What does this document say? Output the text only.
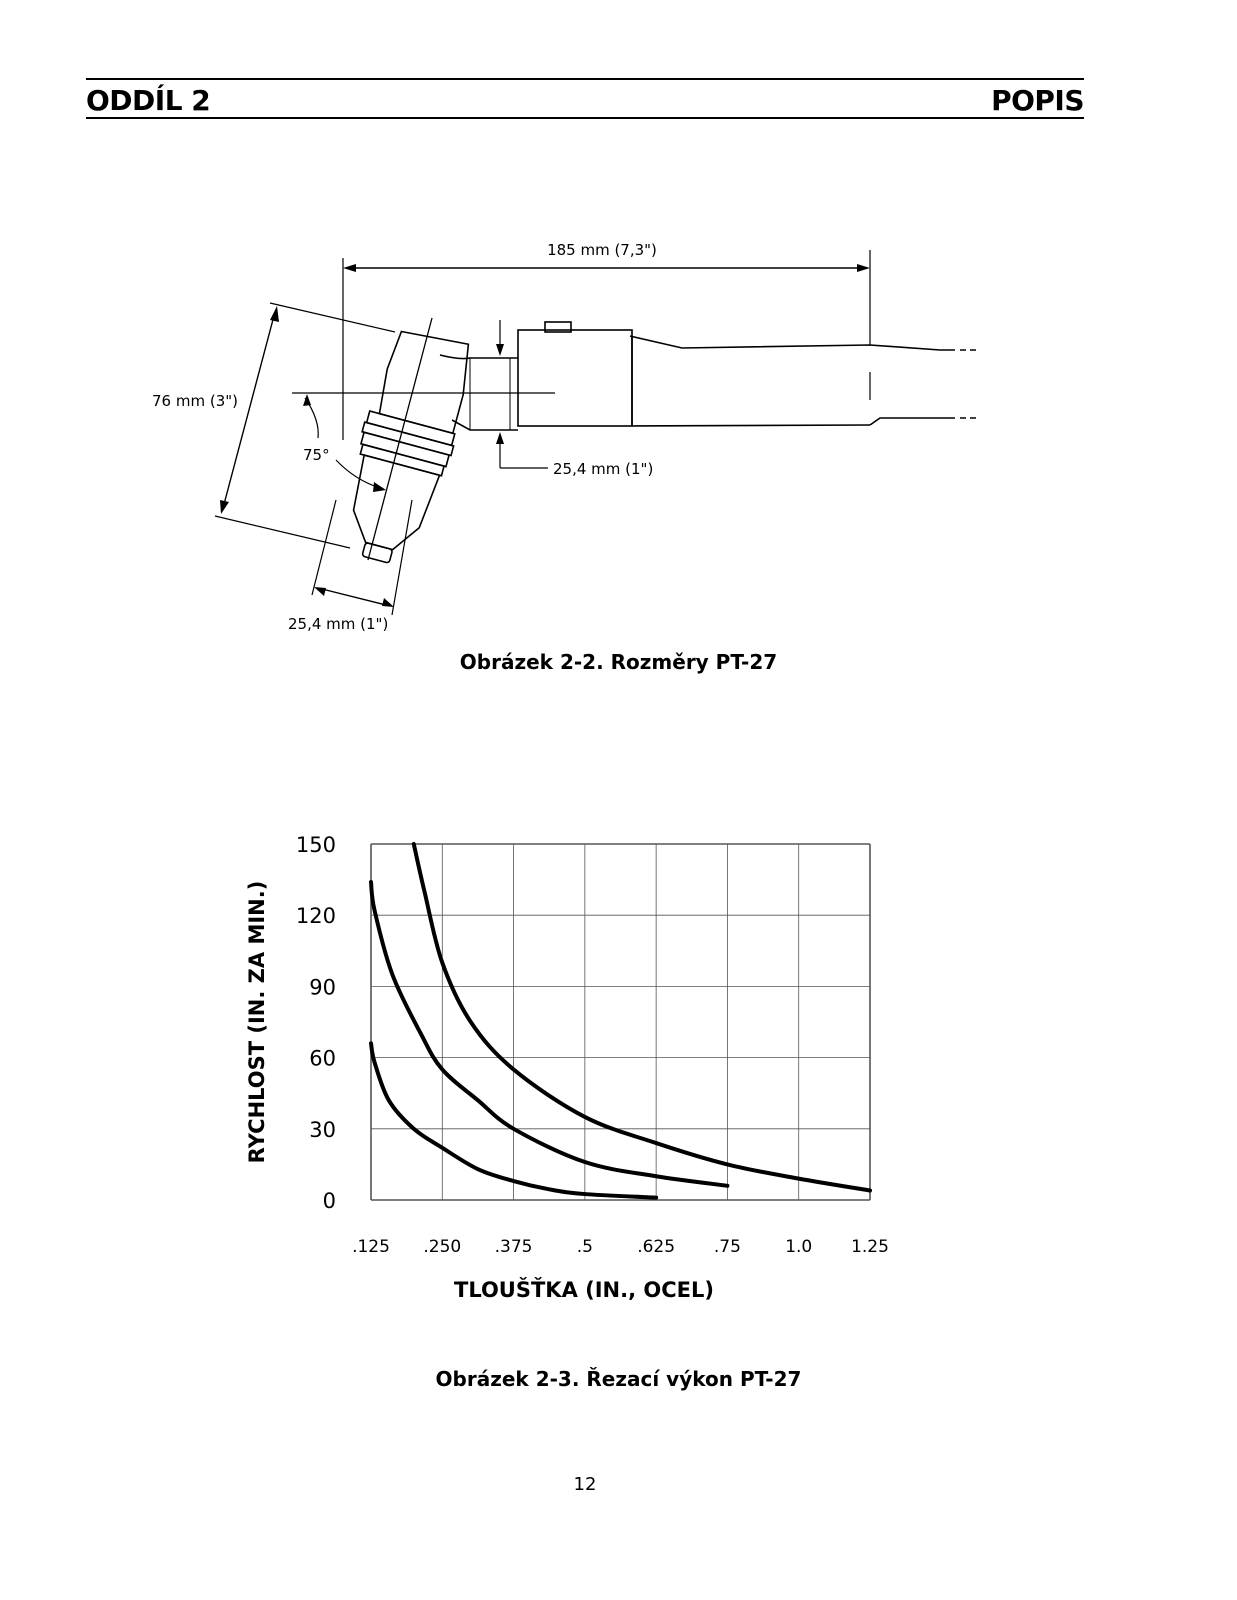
ODDÍL 2	POPIS
185 mm (7,3")
76 mm (3")
75°
25,4 mm (1")
25,4 mm (1")
Obrázek 2-2. Rozměry PT-27
0
30
60
90
120
150
.125 .250 .375	.5	.625 .75	1.0 1.25
RYCHLOST (IN. ZA MIN.)
TLOUŠŤKA (IN., OCEL)
Obrázek 2-3. Řezací výkon PT-27
12
